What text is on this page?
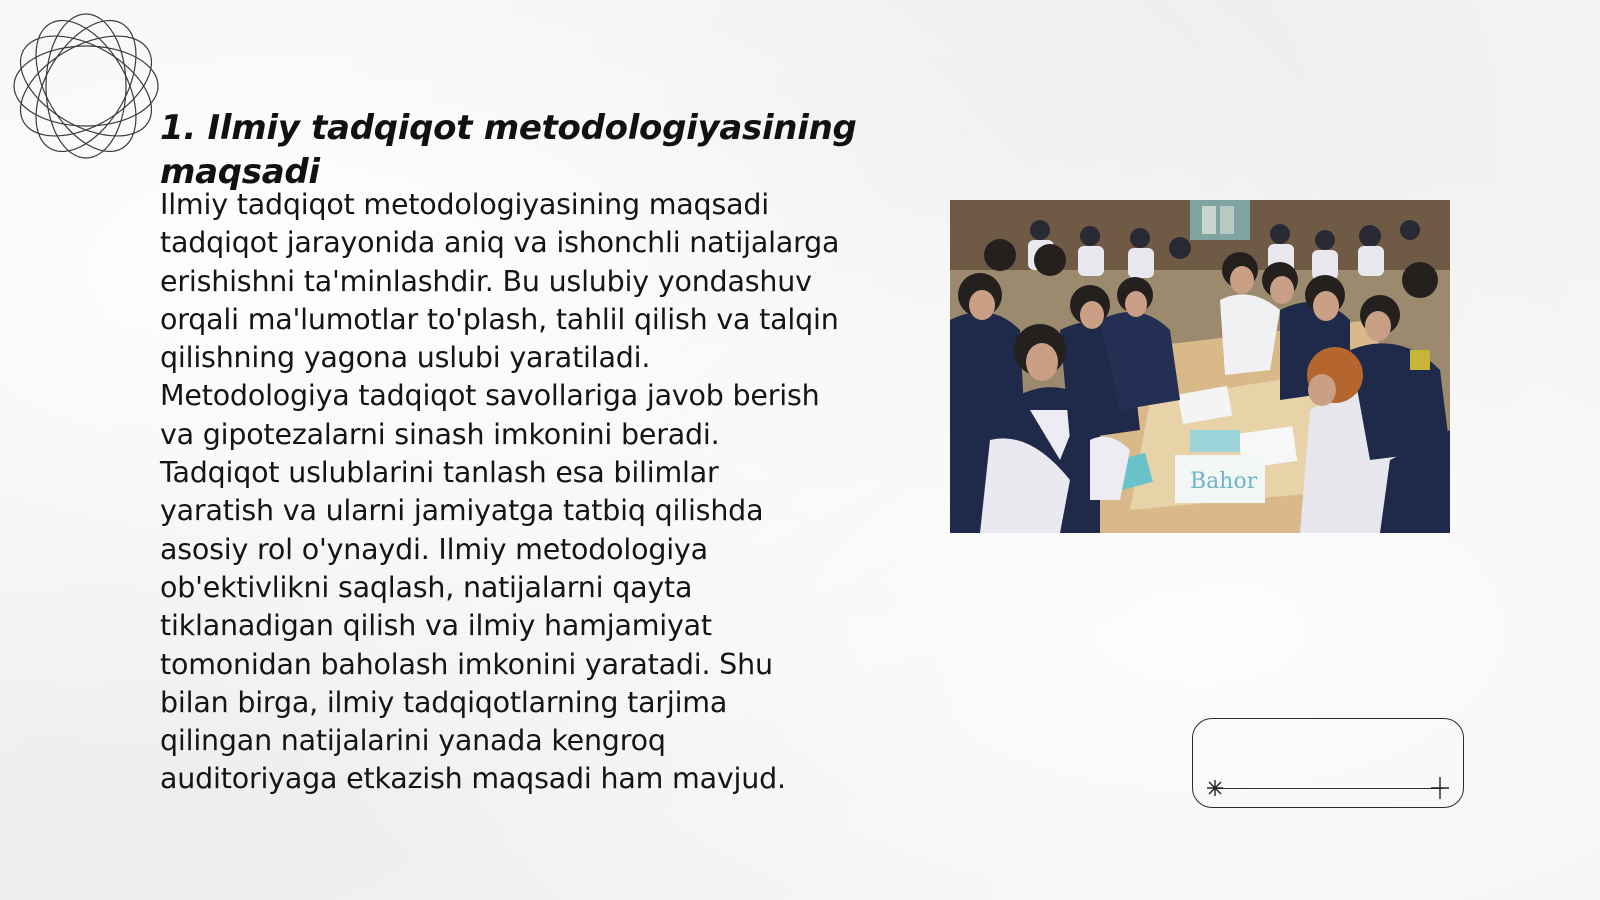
1. Ilmiy tadqiqot metodologiyasining maqsadi

Ilmiy tadqiqot metodologiyasining maqsadi tadqiqot jarayonida aniq va ishonchli natijalarga erishishni ta'minlashdir. Bu uslubiy yondashuv orqali ma'lumotlar to'plash, tahlil qilish va talqin qilishning yagona uslubi yaratiladi. Metodologiya tadqiqot savollariga javob berish va gipotezalarni sinash imkonini beradi. Tadqiqot uslublarini tanlash esa bilimlar yaratish va ularni jamiyatga tatbiq qilishda asosiy rol o'ynaydi. Ilmiy metodologiya ob'ektivlikni saqlash, natijalarni qayta tiklanadigan qilish va ilmiy hamjamiyat tomonidan baholash imkonini yaratadi. Shu bilan birga, ilmiy tadqiqotlarning tarjima qilingan natijalarini yanada kengroq auditoriyaga etkazish maqsadi ham mavjud.

Bahor
